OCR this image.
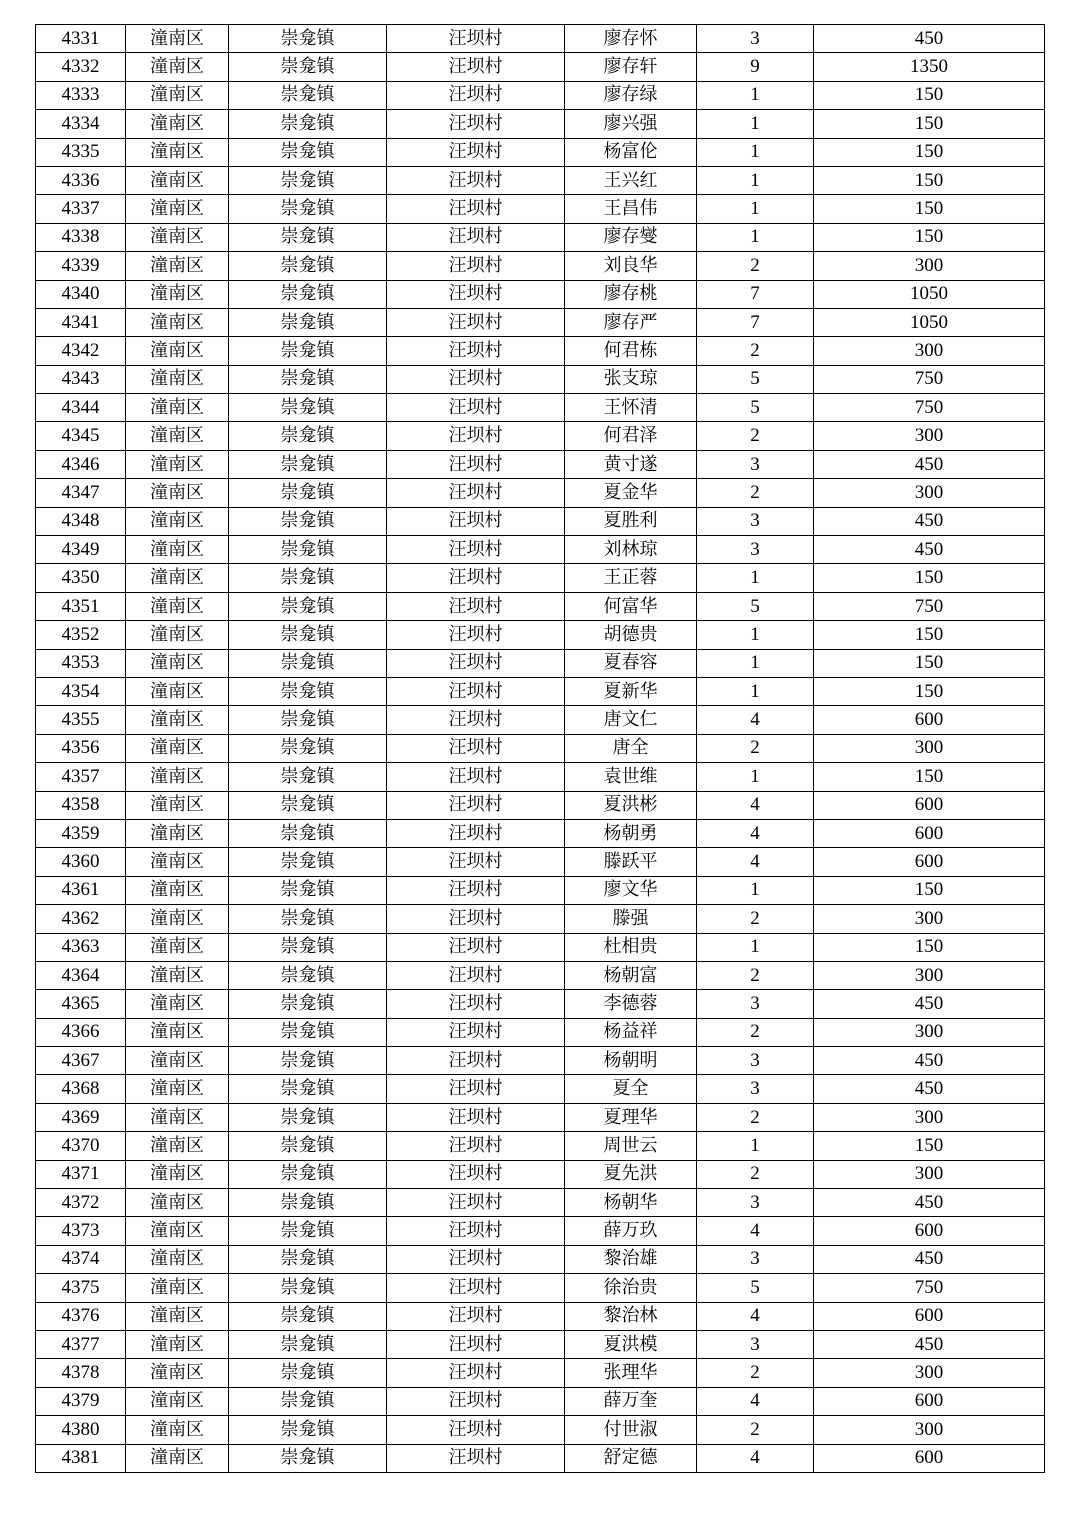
4331	潼南区	崇龛镇	汪坝村	廖存怀	3	450
4332	潼南区	崇龛镇	汪坝村	廖存轩	9	1350
4333	潼南区	崇龛镇	汪坝村	廖存绿	1	150
4334	潼南区	崇龛镇	汪坝村	廖兴强	1	150
4335	潼南区	崇龛镇	汪坝村	杨富伦	1	150
4336	潼南区	崇龛镇	汪坝村	王兴红	1	150
4337	潼南区	崇龛镇	汪坝村	王昌伟	1	150
4338	潼南区	崇龛镇	汪坝村	廖存燮	1	150
4339	潼南区	崇龛镇	汪坝村	刘良华	2	300
4340	潼南区	崇龛镇	汪坝村	廖存桃	7	1050
4341	潼南区	崇龛镇	汪坝村	廖存严	7	1050
4342	潼南区	崇龛镇	汪坝村	何君栋	2	300
4343	潼南区	崇龛镇	汪坝村	张支琼	5	750
4344	潼南区	崇龛镇	汪坝村	王怀清	5	750
4345	潼南区	崇龛镇	汪坝村	何君泽	2	300
4346	潼南区	崇龛镇	汪坝村	黄寸遂	3	450
4347	潼南区	崇龛镇	汪坝村	夏金华	2	300
4348	潼南区	崇龛镇	汪坝村	夏胜利	3	450
4349	潼南区	崇龛镇	汪坝村	刘林琼	3	450
4350	潼南区	崇龛镇	汪坝村	王正蓉	1	150
4351	潼南区	崇龛镇	汪坝村	何富华	5	750
4352	潼南区	崇龛镇	汪坝村	胡德贵	1	150
4353	潼南区	崇龛镇	汪坝村	夏春容	1	150
4354	潼南区	崇龛镇	汪坝村	夏新华	1	150
4355	潼南区	崇龛镇	汪坝村	唐文仁	4	600
4356	潼南区	崇龛镇	汪坝村	唐全	2	300
4357	潼南区	崇龛镇	汪坝村	袁世维	1	150
4358	潼南区	崇龛镇	汪坝村	夏洪彬	4	600
4359	潼南区	崇龛镇	汪坝村	杨朝勇	4	600
4360	潼南区	崇龛镇	汪坝村	滕跃平	4	600
4361	潼南区	崇龛镇	汪坝村	廖文华	1	150
4362	潼南区	崇龛镇	汪坝村	滕强	2	300
4363	潼南区	崇龛镇	汪坝村	杜相贵	1	150
4364	潼南区	崇龛镇	汪坝村	杨朝富	2	300
4365	潼南区	崇龛镇	汪坝村	李德蓉	3	450
4366	潼南区	崇龛镇	汪坝村	杨益祥	2	300
4367	潼南区	崇龛镇	汪坝村	杨朝明	3	450
4368	潼南区	崇龛镇	汪坝村	夏全	3	450
4369	潼南区	崇龛镇	汪坝村	夏理华	2	300
4370	潼南区	崇龛镇	汪坝村	周世云	1	150
4371	潼南区	崇龛镇	汪坝村	夏先洪	2	300
4372	潼南区	崇龛镇	汪坝村	杨朝华	3	450
4373	潼南区	崇龛镇	汪坝村	薛万玖	4	600
4374	潼南区	崇龛镇	汪坝村	黎治雄	3	450
4375	潼南区	崇龛镇	汪坝村	徐治贵	5	750
4376	潼南区	崇龛镇	汪坝村	黎治林	4	600
4377	潼南区	崇龛镇	汪坝村	夏洪模	3	450
4378	潼南区	崇龛镇	汪坝村	张理华	2	300
4379	潼南区	崇龛镇	汪坝村	薛万奎	4	600
4380	潼南区	崇龛镇	汪坝村	付世淑	2	300
4381	潼南区	崇龛镇	汪坝村	舒定德	4	600
